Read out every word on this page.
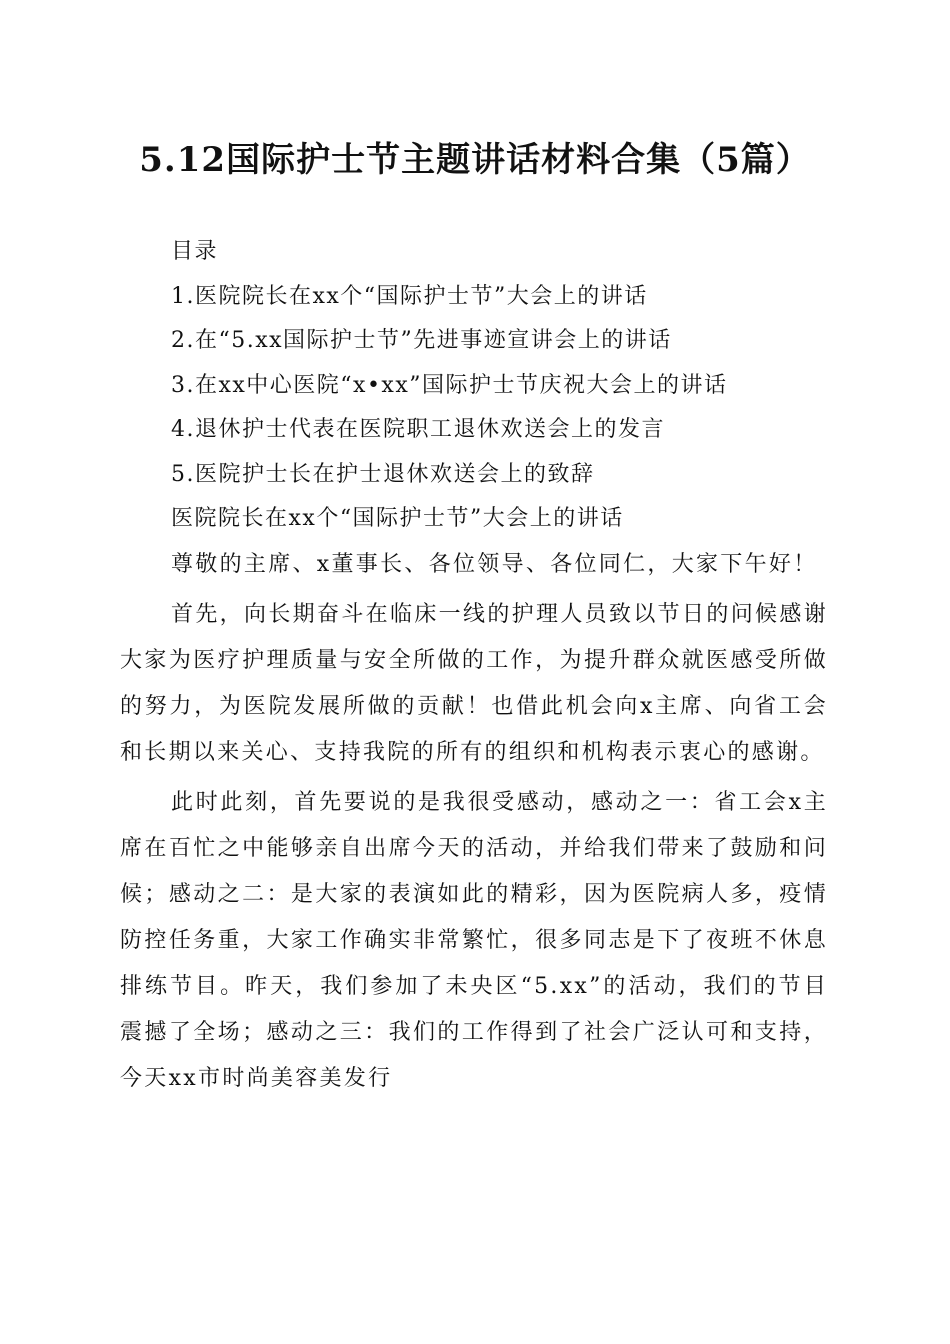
5.12国际护士节主题讲话材料合集（5篇）
目录
1.医院院长在xx个“国际护士节”大会上的讲话
2.在“5.xx国际护士节”先进事迹宣讲会上的讲话
3.在xx中心医院“x•xx”国际护士节庆祝大会上的讲话
4.退休护士代表在医院职工退休欢送会上的发言
5.医院护士长在护士退休欢送会上的致辞
医院院长在xx个“国际护士节”大会上的讲话

尊敬的主席、x董事长、各位领导、各位同仁，大家下午好！

首先，向长期奋斗在临床一线的护理人员致以节日的问候感谢大家为医疗护理质量与安全所做的工作，为提升群众就医感受所做的努力，为医院发展所做的贡献！也借此机会向x主席、向省工会和长期以来关心、支持我院的所有的组织和机构表示衷心的感谢。

此时此刻，首先要说的是我很受感动，感动之一：省工会x主席在百忙之中能够亲自出席今天的活动，并给我们带来了鼓励和问候；感动之二：是大家的表演如此的精彩，因为医院病人多，疫情防控任务重，大家工作确实非常繁忙，很多同志是下了夜班不休息排练节目。昨天，我们参加了未央区“5.xx”的活动，我们的节目震撼了全场；感动之三：我们的工作得到了社会广泛认可和支持，今天xx市时尚美容美发行
